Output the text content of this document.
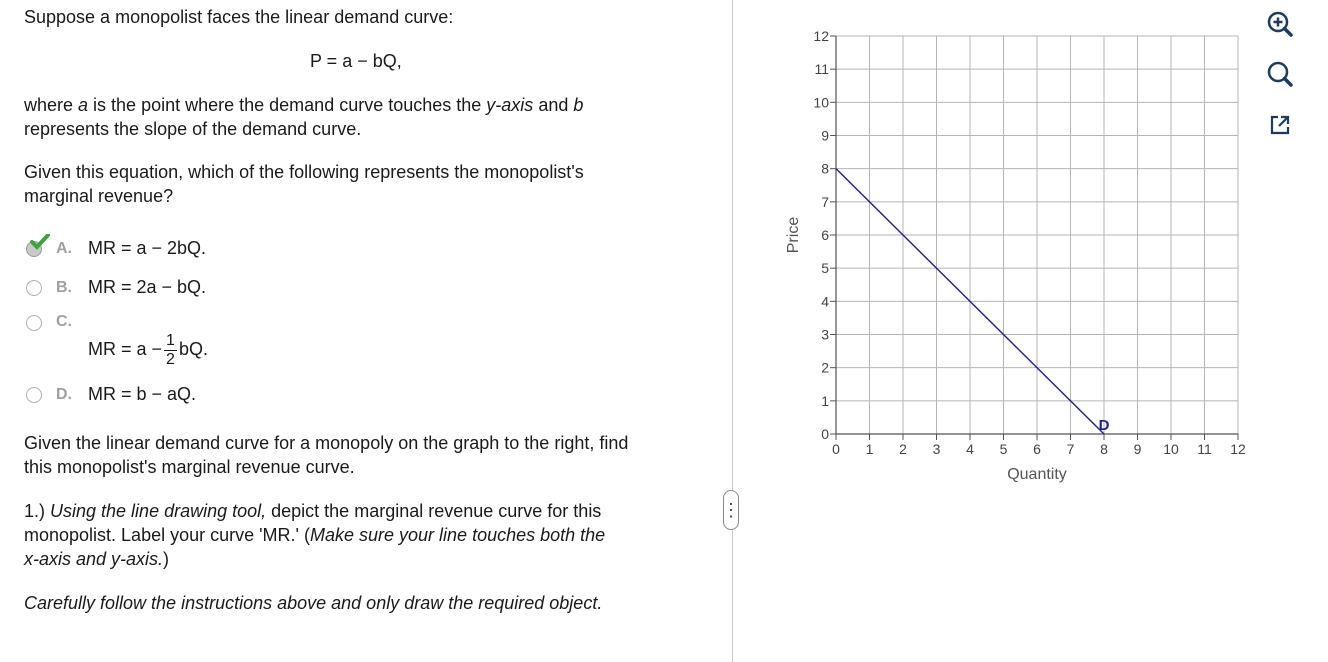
Suppose a monopolist faces the linear demand curve:
P = a − bQ,
where a is the point where the demand curve touches the y-axis and b
represents the slope of the demand curve.
Given this equation, which of the following represents the monopolist's
marginal revenue?
A. MR = a − 2bQ.
B. MR = 2a − bQ.
C.
MR = $a - \frac{1}{2}$ bQ.
D. MR = b − aQ.
Given the linear demand curve for a monopoly on the graph to the right, find
this monopolist's marginal revenue curve.
1.) Using the line drawing tool, depict the marginal revenue curve for this
monopolist. Label your curve 'MR.' (Make sure your line touches both the
x-axis and y-axis.)
Carefully follow the instructions above and only draw the required object.
⋮
0 1 2 3 4 5 6 7 8 9 10 11 12
0
1
2
3
4
5
6
7
8
9
10
11
12
Quantity
Price
D
